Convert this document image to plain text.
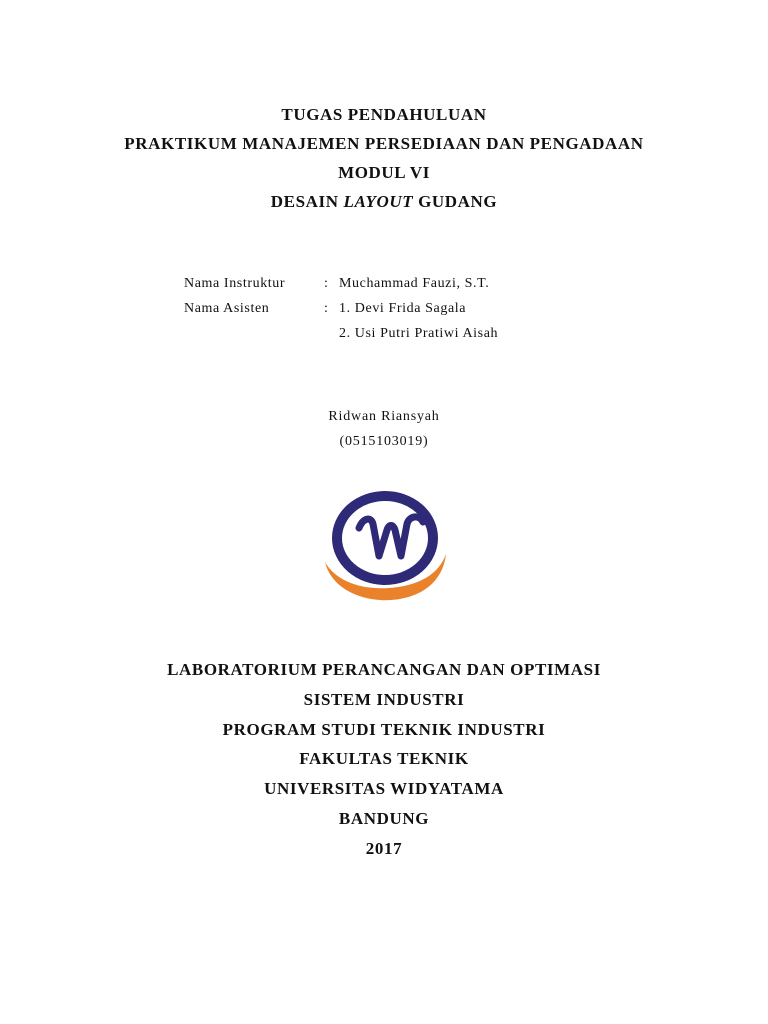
TUGAS PENDAHULUAN
PRAKTIKUM MANAJEMEN PERSEDIAAN DAN PENGADAAN
MODUL VI
DESAIN LAYOUT GUDANG
Nama Instruktur	: Muchammad Fauzi, S.T.
Nama Asisten	: 1. Devi Frida Sagala
2. Usi Putri Pratiwi Aisah
Ridwan Riansyah
(0515103019)
LABORATORIUM PERANCANGAN DAN OPTIMASI
SISTEM INDUSTRI
PROGRAM STUDI TEKNIK INDUSTRI
FAKULTAS TEKNIK
UNIVERSITAS WIDYATAMA
BANDUNG
2017
